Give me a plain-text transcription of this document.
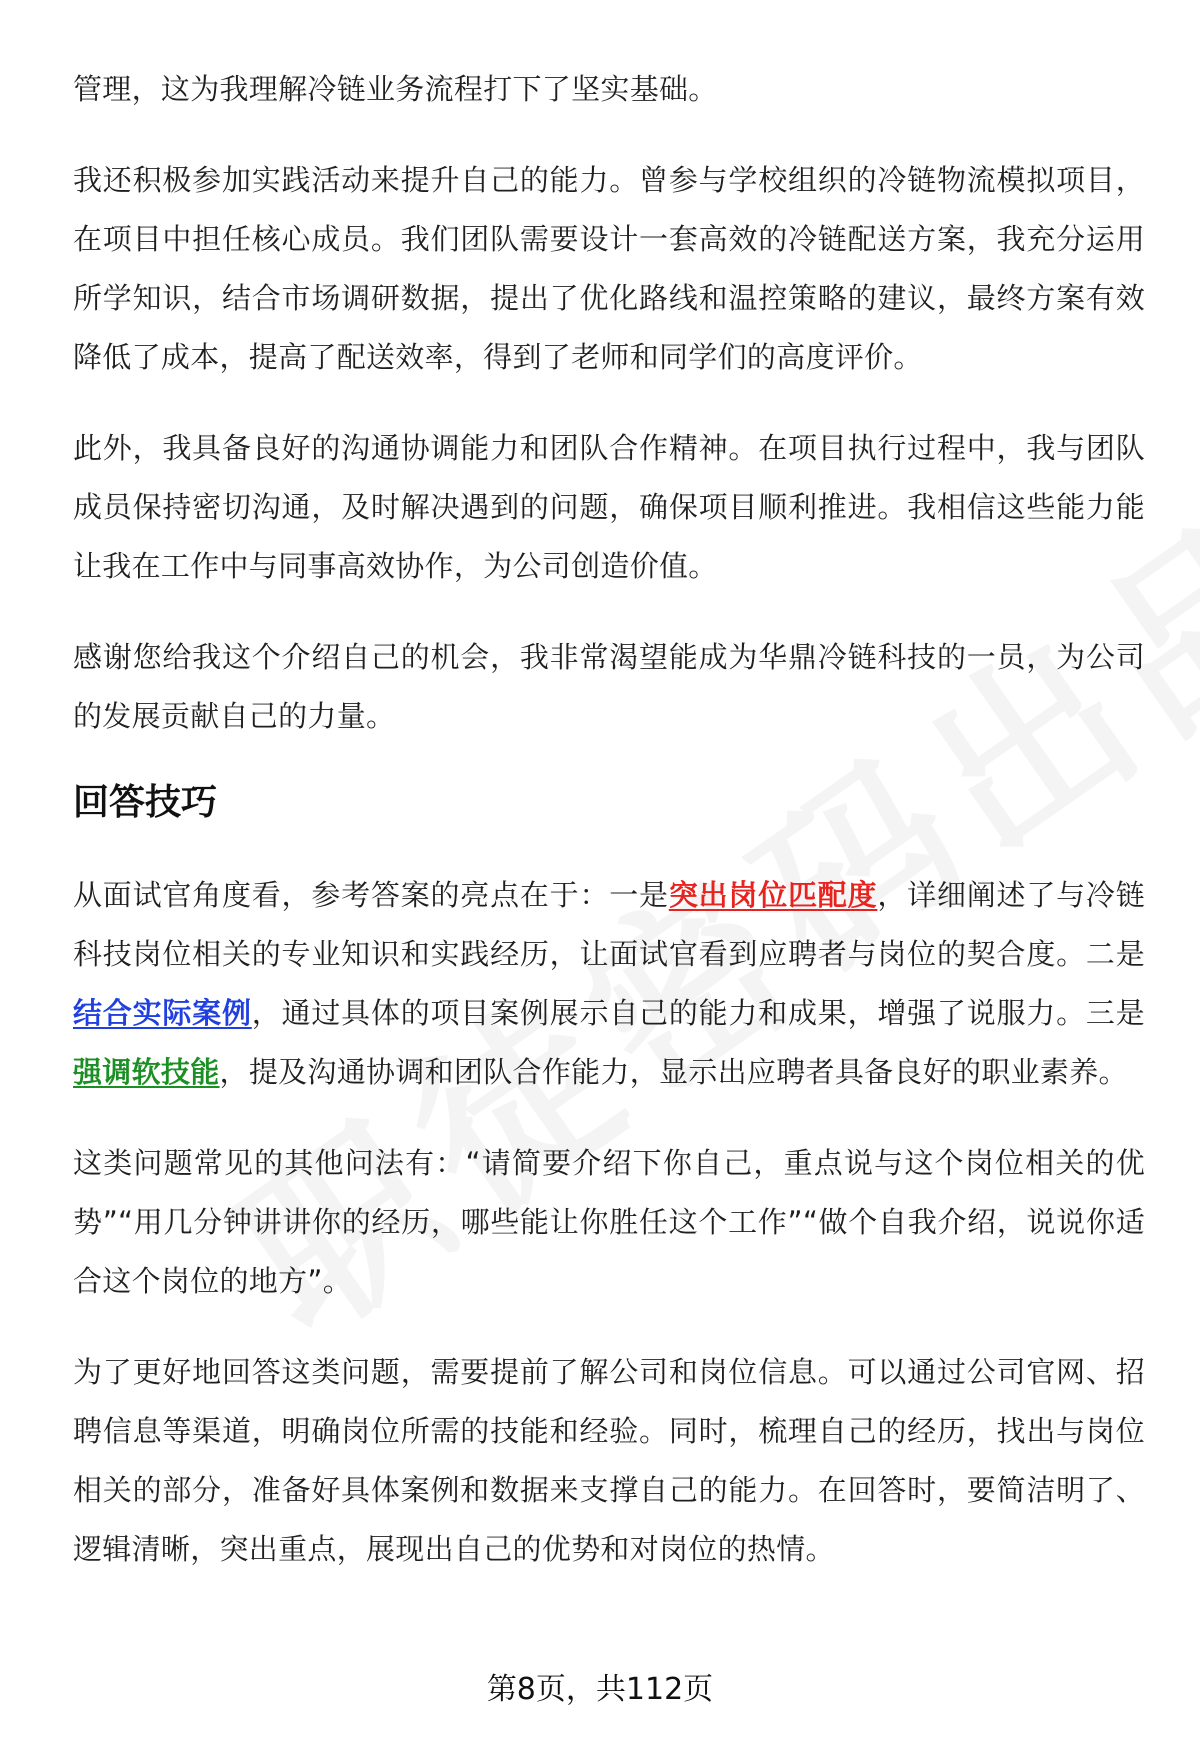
管理，这为我理解冷链业务流程打下了坚实基础。

我还积极参加实践活动来提升自己的能力。曾参与学校组织的冷链物流模拟项目，在项目中担任核心成员。我们团队需要设计一套高效的冷链配送方案，我充分运用所学知识，结合市场调研数据，提出了优化路线和温控策略的建议，最终方案有效降低了成本，提高了配送效率，得到了老师和同学们的高度评价。

此外，我具备良好的沟通协调能力和团队合作精神。在项目执行过程中，我与团队成员保持密切沟通，及时解决遇到的问题，确保项目顺利推进。我相信这些能力能让我在工作中与同事高效协作，为公司创造价值。

感谢您给我这个介绍自己的机会，我非常渴望能成为华鼎冷链科技的一员，为公司的发展贡献自己的力量。

回答技巧

从面试官角度看，参考答案的亮点在于：一是突出岗位匹配度，详细阐述了与冷链科技岗位相关的专业知识和实践经历，让面试官看到应聘者与岗位的契合度。二是结合实际案例，通过具体的项目案例展示自己的能力和成果，增强了说服力。三是强调软技能，提及沟通协调和团队合作能力，显示出应聘者具备良好的职业素养。

这类问题常见的其他问法有：“请简要介绍下你自己，重点说与这个岗位相关的优势”“用几分钟讲讲你的经历，哪些能让你胜任这个工作”“做个自我介绍，说说你适合这个岗位的地方”。

为了更好地回答这类问题，需要提前了解公司和岗位信息。可以通过公司官网、招聘信息等渠道，明确岗位所需的技能和经验。同时，梳理自己的经历，找出与岗位相关的部分，准备好具体案例和数据来支撑自己的能力。在回答时，要简洁明了、逻辑清晰，突出重点，展现出自己的优势和对岗位的热情。

第8页，共112页
